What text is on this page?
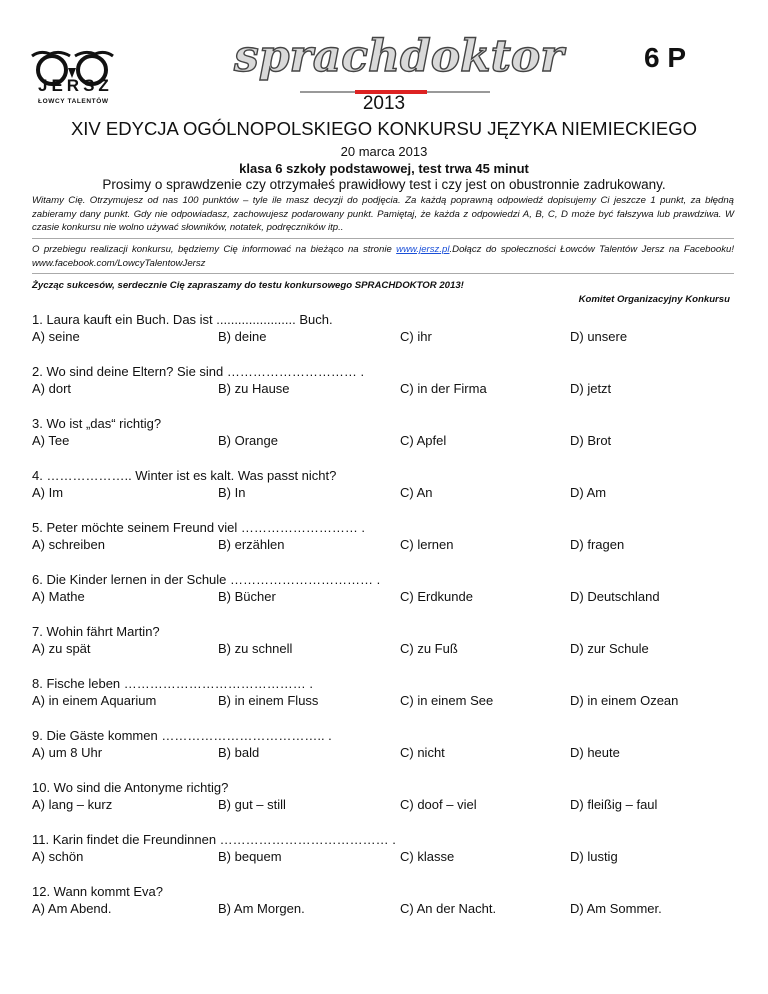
JERSZ
ŁOWCY TALENTÓW
sprachdoktor	6 P
2013
XIV EDYCJA OGÓLNOPOLSKIEGO KONKURSU JĘZYKA NIEMIECKIEGO
20 marca 2013
klasa 6 szkoły podstawowej, test trwa 45 minut
Prosimy o sprawdzenie czy otrzymałeś prawidłowy test i czy jest on obustronnie zadrukowany.
Witamy Cię. Otrzymujesz od nas 100 punktów – tyle ile masz decyzji do podjęcia. Za każdą poprawną odpowiedź dopisujemy Ci jeszcze 1 punkt, za błędną zabieramy dany punkt. Gdy nie odpowiadasz, zachowujesz podarowany punkt. Pamiętaj, że każda z odpowiedzi A, B, C, D może być fałszywa lub prawdziwa. W czasie konkursu nie wolno używać słowników, notatek, podręczników itp..
O przebiegu realizacji konkursu, będziemy Cię informować na bieżąco na stronie www.jersz.pl.Dołącz do społeczności Łowców Talentów Jersz na Facebooku! www.facebook.com/LowcyTalentowJersz
Życząc sukcesów, serdecznie Cię zapraszamy do testu konkursowego SPRACHDOKTOR 2013!
Komitet Organizacyjny Konkursu
1. Laura kauft ein Buch. Das ist ...................... Buch.
A) seine	B) deine	C) ihr	D) unsere
2. Wo sind deine Eltern? Sie sind ………………………… .
A) dort	B) zu Hause	C) in der Firma	D) jetzt
3. Wo ist „das“ richtig?
A) Tee	B) Orange	C) Apfel	D) Brot
4. ……………….. Winter ist es kalt. Was passt nicht?
A) Im	B) In	C) An	D) Am
5. Peter möchte seinem Freund viel ……………………… .
A) schreiben	B) erzählen	C) lernen	D) fragen
6. Die Kinder lernen in der Schule …………………………… .
A) Mathe	B) Bücher	C) Erdkunde	D) Deutschland
7. Wohin fährt Martin?
A) zu spät	B) zu schnell	C) zu Fuß	D) zur Schule
8. Fische leben …………………………………… .
A) in einem Aquarium	B) in einem Fluss	C) in einem See	D) in einem Ozean
9. Die Gäste kommen ……………………………….. .
A) um 8 Uhr	B) bald	C) nicht	D) heute
10. Wo sind die Antonyme richtig?
A) lang – kurz	B) gut – still	C) doof – viel	D) fleißig – faul
11. Karin findet die Freundinnen ………………………………… .
A) schön	B) bequem	C) klasse	D) lustig
12. Wann kommt Eva?
A) Am Abend.	B) Am Morgen.	C) An der Nacht.	D) Am Sommer.
